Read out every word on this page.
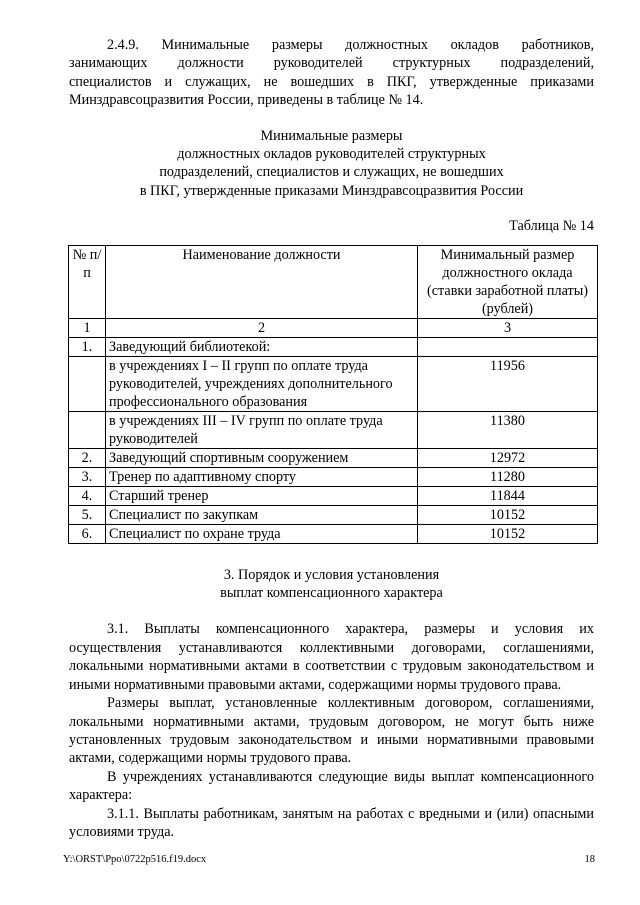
2.4.9. Минимальные размеры должностных окладов работников,

занимающих должности руководителей структурных подразделений,

специалистов и служащих, не вошедших в ПКГ, утвержденные приказами

Минздравсоцразвития России, приведены в таблице № 14.

Минимальные размеры

должностных окладов руководителей структурных

подразделений, специалистов и служащих, не вошедших

в ПКГ, утвержденные приказами Минздравсоцразвития России

Таблица № 14

№ п/п	Наименование должности	Минимальный размер должностного оклада (ставки заработной платы) (рублей)
1	2	3
1.	Заведующий библиотекой:	
	в учреждениях I – II групп по оплате труда руководителей, учреждениях дополнительного профессионального образования	11956
	в учреждениях III – IV групп по оплате труда руководителей	11380
2.	Заведующий спортивным сооружением	12972
3.	Тренер по адаптивному спорту	11280
4.	Старший тренер	11844
5.	Специалист по закупкам	10152
6.	Специалист по охране труда	10152

3. Порядок и условия установления

выплат компенсационного характера

3.1. Выплаты компенсационного характера, размеры и условия их осуществления устанавливаются коллективными договорами, соглашениями, локальными нормативными актами в соответствии с трудовым законодательством и иными нормативными правовыми актами, содержащими нормы трудового права.

Размеры выплат, установленные коллективным договором, соглашениями, локальными нормативными актами, трудовым договором, не могут быть ниже установленных трудовым законодательством и иными нормативными правовыми актами, содержащими нормы трудового права.

В учреждениях устанавливаются следующие виды выплат компенсационного характера:

3.1.1. Выплаты работникам, занятым на работах с вредными и (или) опасными условиями труда.

Y:\ORST\Ppo\0722p516.f19.docx	18
